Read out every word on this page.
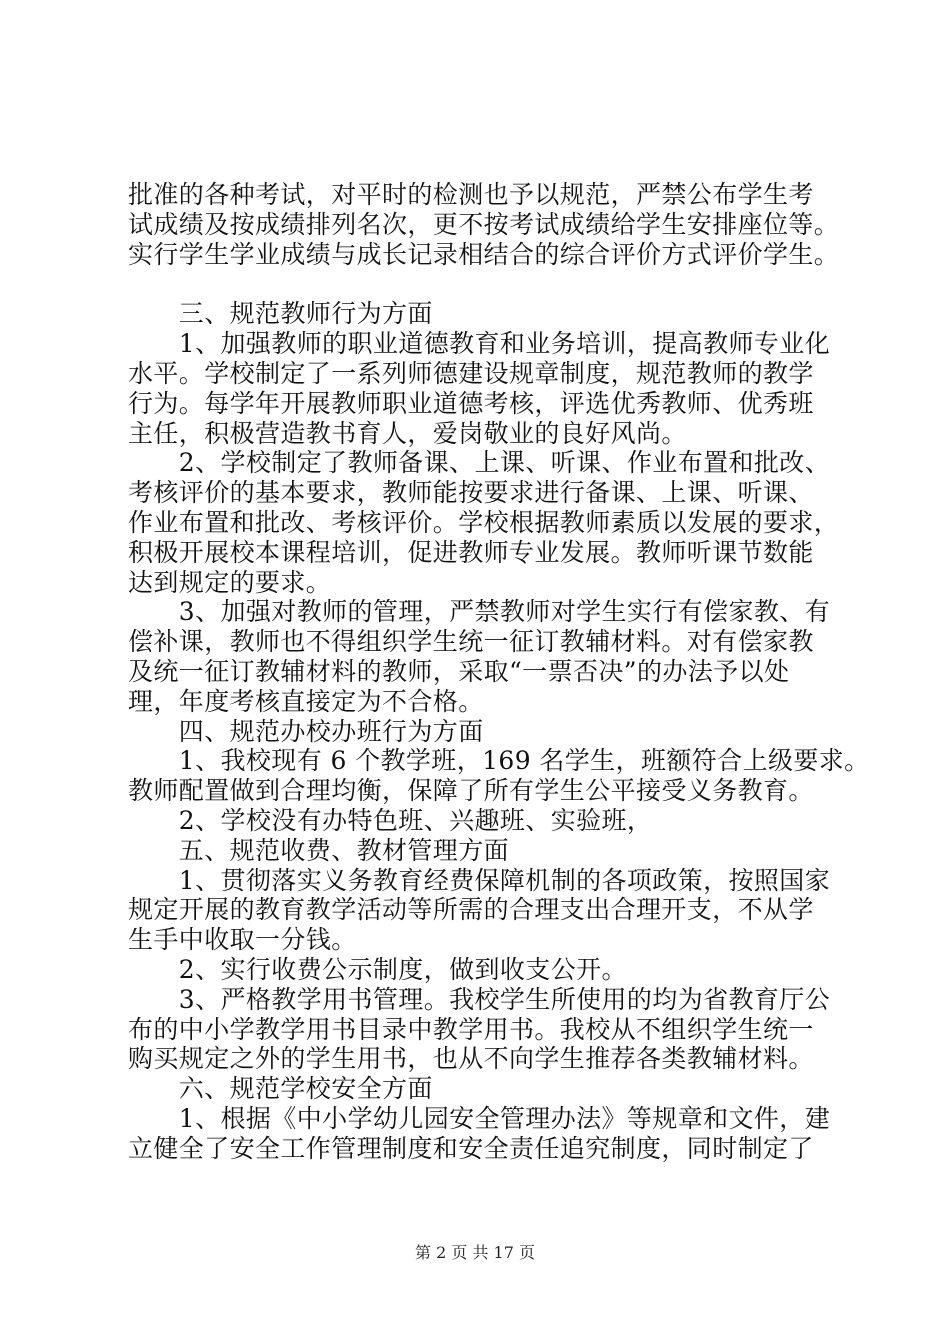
批准的各种考试，对平时的检测也予以规范，严禁公布学生考
试成绩及按成绩排列名次，更不按考试成绩给学生安排座位等。
实行学生学业成绩与成长记录相结合的综合评价方式评价学生。
　　三、规范教师行为方面
　　1、加强教师的职业道德教育和业务培训，提高教师专业化
水平。学校制定了一系列师德建设规章制度，规范教师的教学
行为。每学年开展教师职业道德考核，评选优秀教师、优秀班
主任，积极营造教书育人，爱岗敬业的良好风尚。
　　2、学校制定了教师备课、上课、听课、作业布置和批改、
考核评价的基本要求，教师能按要求进行备课、上课、听课、
作业布置和批改、考核评价。学校根据教师素质以发展的要求，
积极开展校本课程培训，促进教师专业发展。教师听课节数能
达到规定的要求。
　　3、加强对教师的管理，严禁教师对学生实行有偿家教、有
偿补课，教师也不得组织学生统一征订教辅材料。对有偿家教
及统一征订教辅材料的教师，采取“一票否决”的办法予以处
理，年度考核直接定为不合格。
　　四、规范办校办班行为方面
　　1、我校现有 6 个教学班，169 名学生，班额符合上级要求。
教师配置做到合理均衡，保障了所有学生公平接受义务教育。
　　2、学校没有办特色班、兴趣班、实验班，
　　五、规范收费、教材管理方面
　　1、贯彻落实义务教育经费保障机制的各项政策，按照国家
规定开展的教育教学活动等所需的合理支出合理开支，不从学
生手中收取一分钱。
　　2、实行收费公示制度，做到收支公开。
　　3、严格教学用书管理。我校学生所使用的均为省教育厅公
布的中小学教学用书目录中教学用书。我校从不组织学生统一
购买规定之外的学生用书，也从不向学生推荐各类教辅材料。
　　六、规范学校安全方面
　　1、根据《中小学幼儿园安全管理办法》等规章和文件，建
立健全了安全工作管理制度和安全责任追究制度，同时制定了
第 2 页 共 17 页
